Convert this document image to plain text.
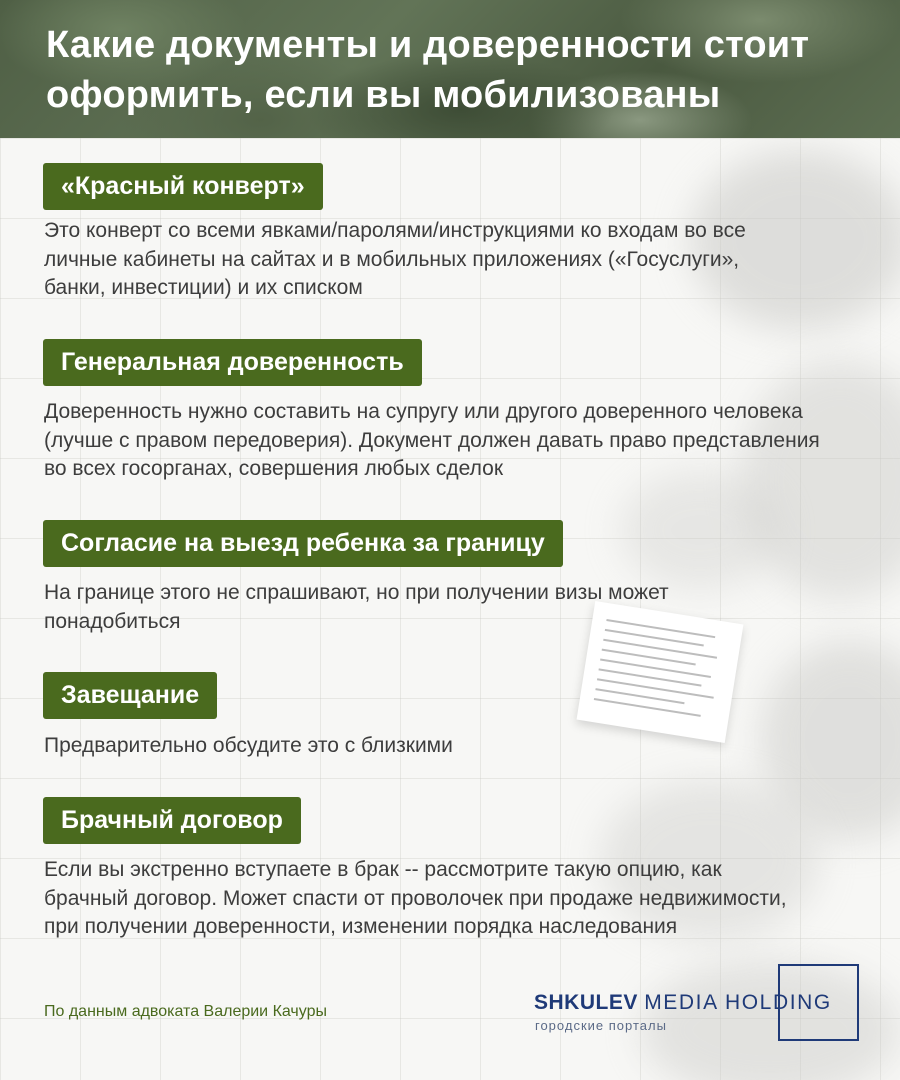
Какие документы и доверенности стоит оформить, если вы мобилизованы
«Красный конверт»
Это конверт со всеми явками/паролями/инструкциями ко входам во все личные кабинеты на сайтах и в мобильных приложениях («Госуслуги», банки, инвестиции) и их списком
Генеральная доверенность
Доверенность нужно составить на супругу или другого доверенного человека (лучше с правом передоверия). Документ должен давать право представления во всех госорганах, совершения любых сделок
Согласие на выезд ребенка за границу
На границе этого не спрашивают, но при получении визы может понадобиться
Завещание
Предварительно обсудите это с близкими
Брачный договор
Если вы экстренно вступаете в брак -- рассмотрите такую опцию, как брачный договор. Может спасти от проволочек при продаже недвижимости, при получении доверенности, изменении порядка наследования
По данным адвоката Валерии Качуры	SHKULEV MEDIA HOLDING
городские порталы
